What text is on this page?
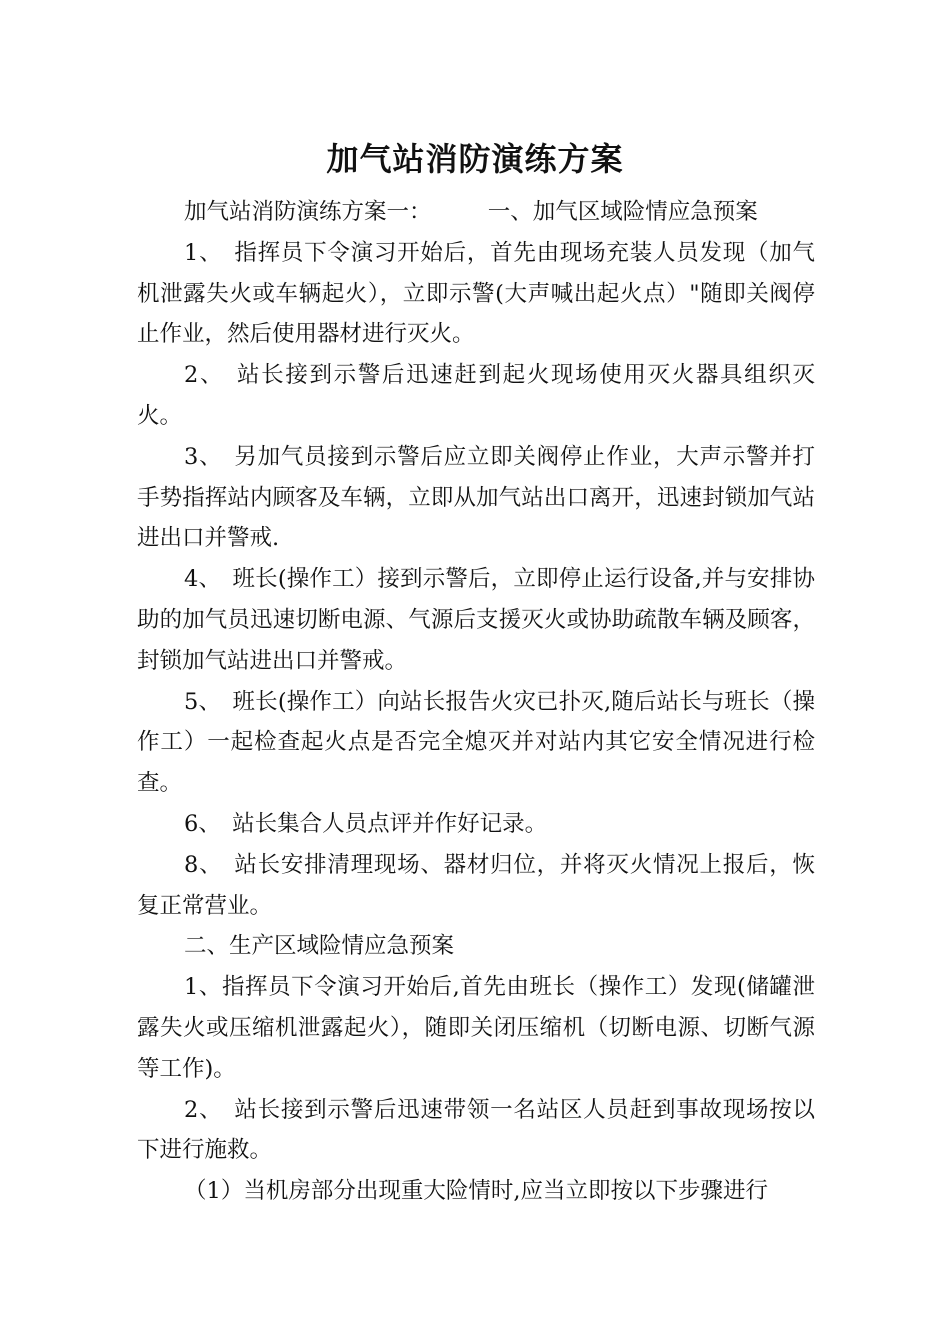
加气站消防演练方案

加气站消防演练方案一：　　　一、加气区域险情应急预案

1、　指挥员下令演习开始后，首先由现场充装人员发现（加气机泄露失火或车辆起火），立即示警(大声喊出起火点）"随即关阀停止作业，然后使用器材进行灭火。

2、　站长接到示警后迅速赶到起火现场使用灭火器具组织灭火。

3、　另加气员接到示警后应立即关阀停止作业，大声示警并打手势指挥站内顾客及车辆，立即从加气站出口离开，迅速封锁加气站进出口并警戒.

4、　班长(操作工）接到示警后，立即停止运行设备,并与安排协助的加气员迅速切断电源、气源后支援灭火或协助疏散车辆及顾客，封锁加气站进出口并警戒。

5、　班长(操作工）向站长报告火灾已扑灭,随后站长与班长（操作工）一起检查起火点是否完全熄灭并对站内其它安全情况进行检查。

6、　站长集合人员点评并作好记录。

8、　站长安排清理现场、器材归位，并将灭火情况上报后，恢复正常营业。

二、生产区域险情应急预案

1、指挥员下令演习开始后,首先由班长（操作工）发现(储罐泄露失火或压缩机泄露起火），随即关闭压缩机（切断电源、切断气源等工作)。

2、　站长接到示警后迅速带领一名站区人员赶到事故现场按以下进行施救。

（1）当机房部分出现重大险情时,应当立即按以下步骤进行
